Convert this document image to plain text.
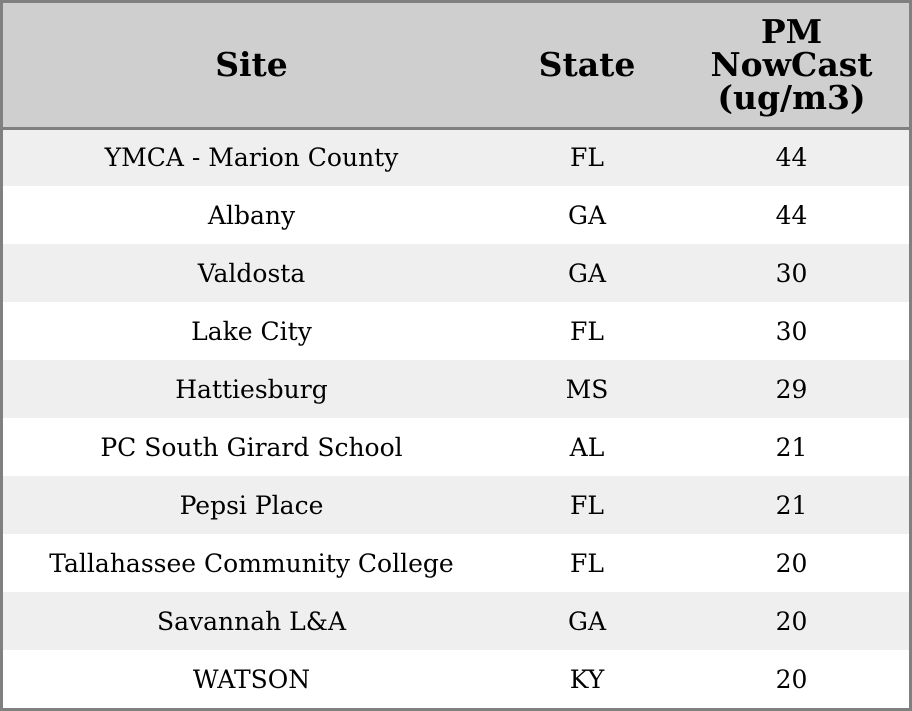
Site	State	PM
NowCast
(ug/m3)

YMCA - Marion County	FL	44
Albany	GA	44
Valdosta	GA	30
Lake City	FL	30
Hattiesburg	MS	29
PC South Girard School	AL	21
Pepsi Place	FL	21
Tallahassee Community College	FL	20
Savannah L&A	GA	20
WATSON	KY	20
